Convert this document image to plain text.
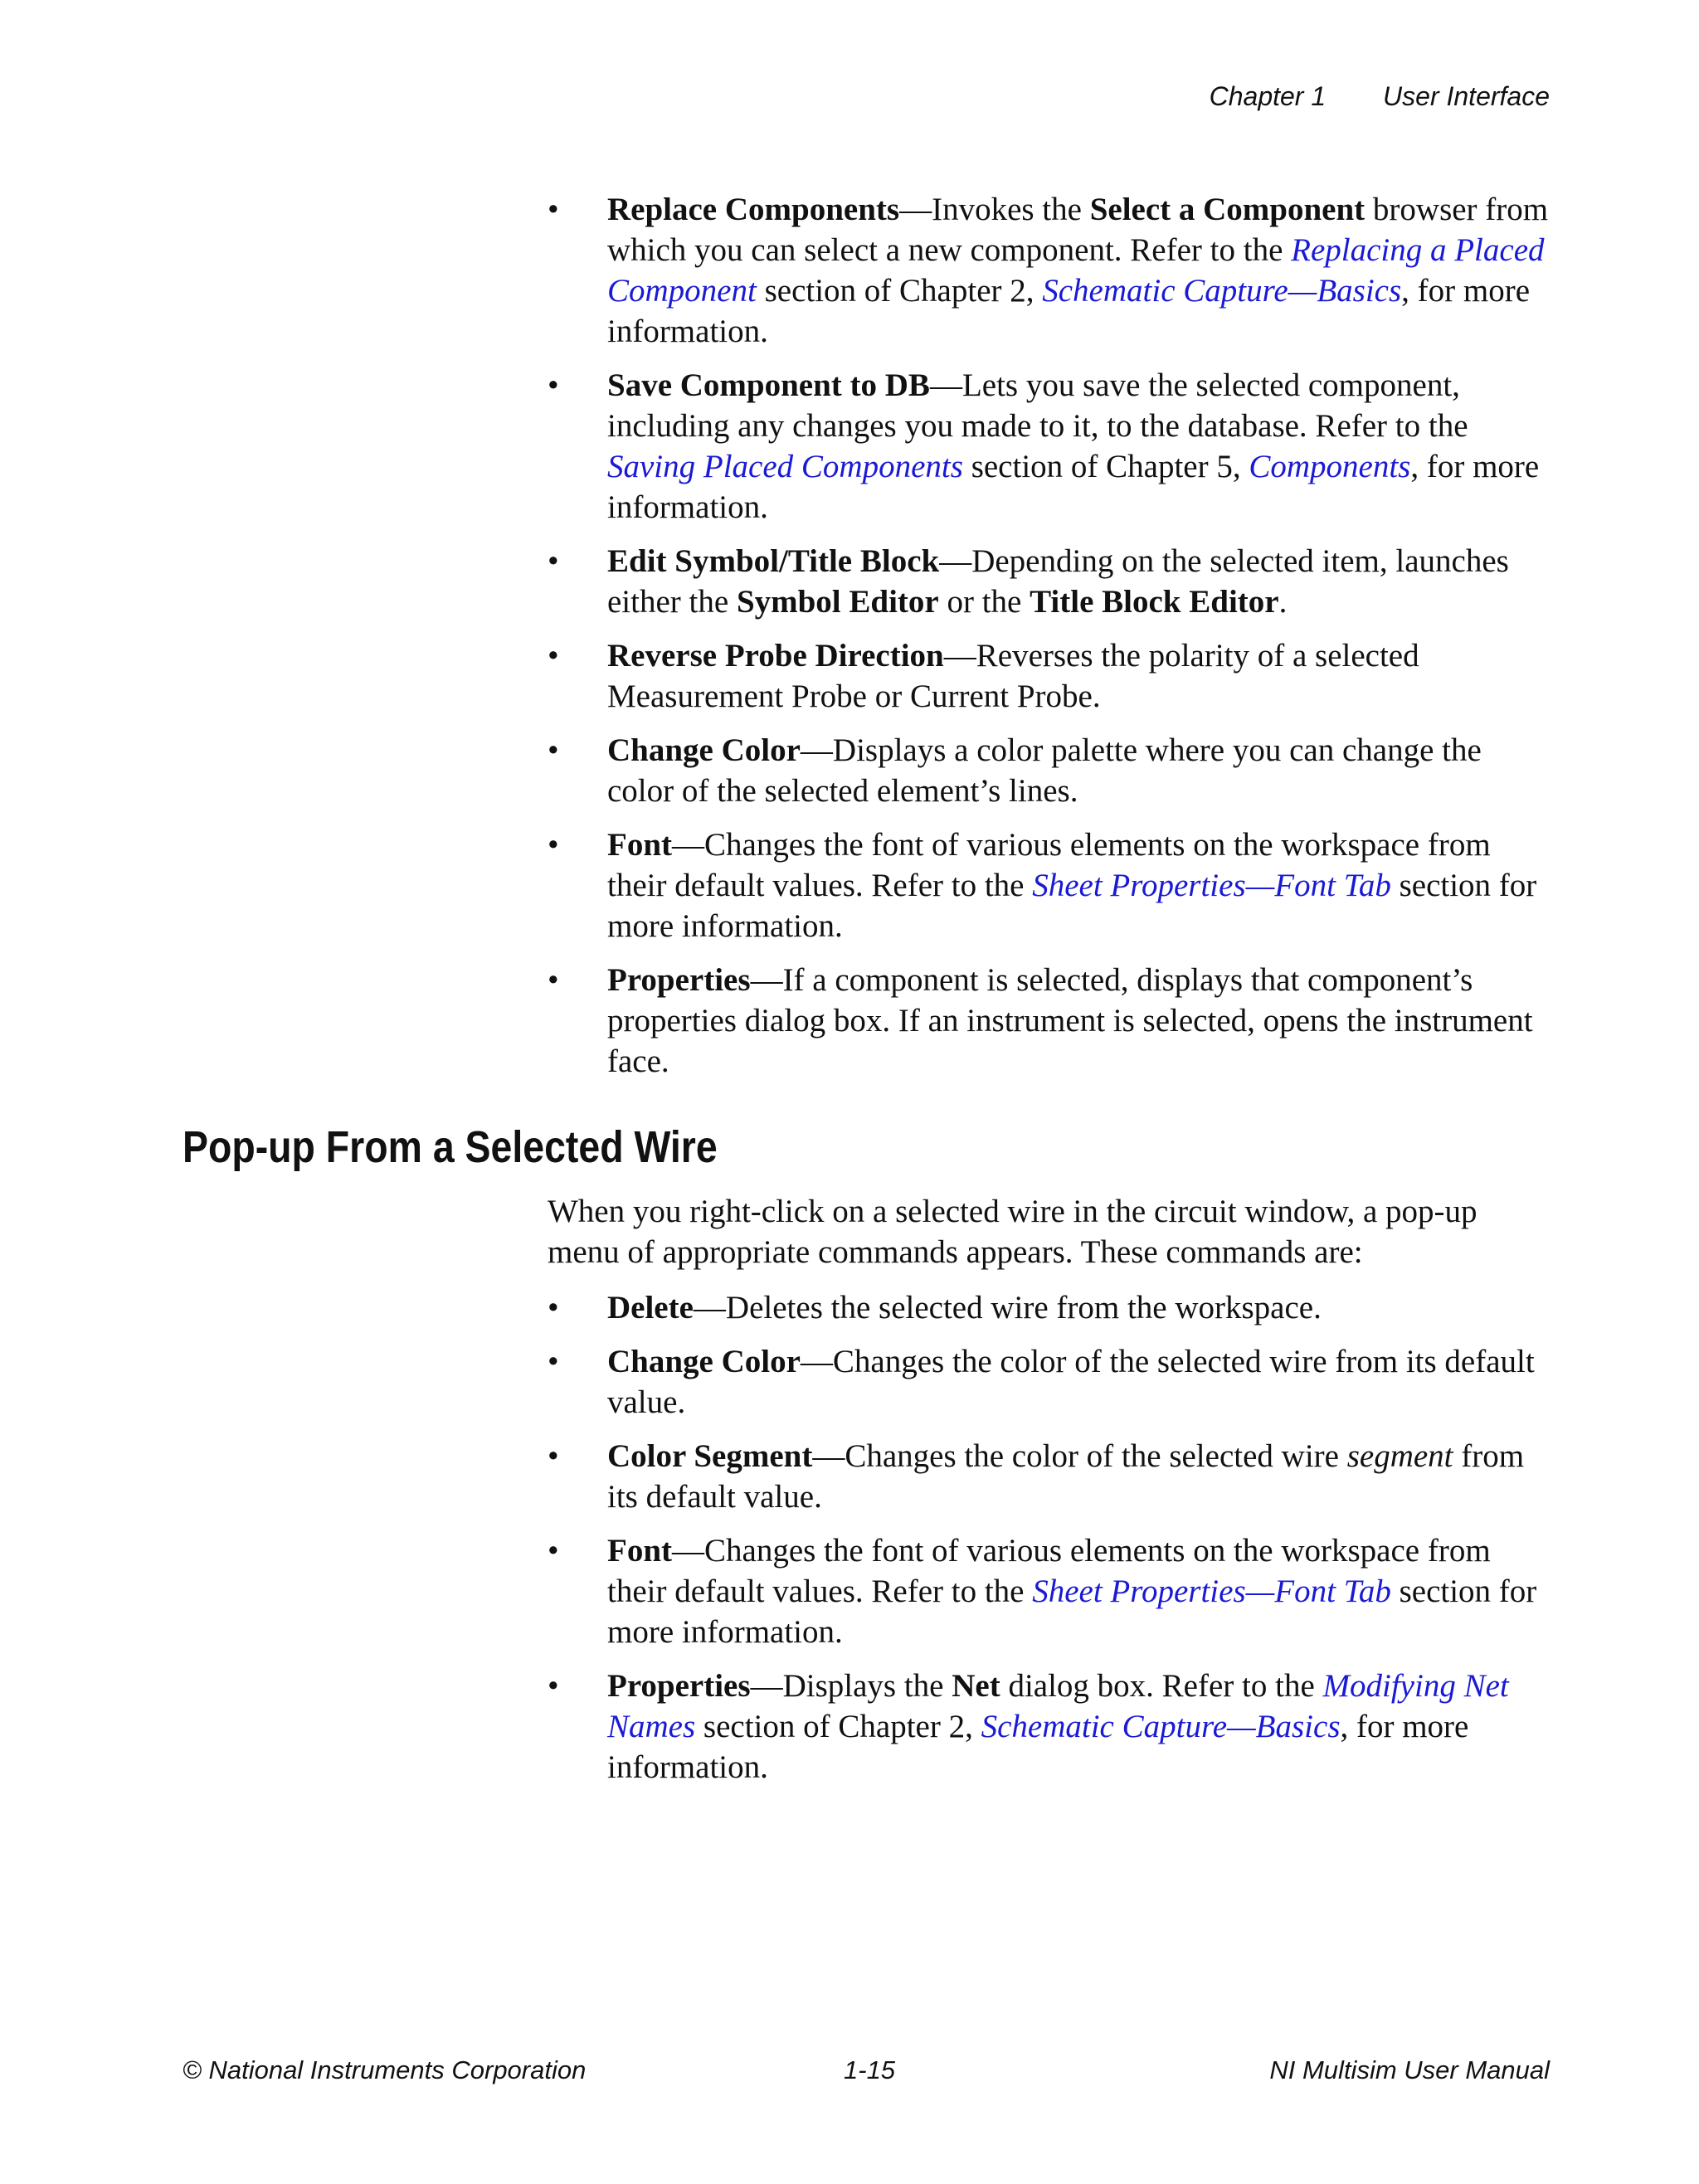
Chapter 1 User Interface
• Replace Components—Invokes the Select a Component browser from which you can select a new component. Refer to the Replacing a Placed Component section of Chapter 2, Schematic Capture—Basics, for more information.
• Save Component to DB—Lets you save the selected component, including any changes you made to it, to the database. Refer to the Saving Placed Components section of Chapter 5, Components, for more information.
• Edit Symbol/Title Block—Depending on the selected item, launches either the Symbol Editor or the Title Block Editor.
• Reverse Probe Direction—Reverses the polarity of a selected Measurement Probe or Current Probe.
• Change Color—Displays a color palette where you can change the color of the selected element’s lines.
• Font—Changes the font of various elements on the workspace from their default values. Refer to the Sheet Properties—Font Tab section for more information.
• Properties—If a component is selected, displays that component’s properties dialog box. If an instrument is selected, opens the instrument face.
Pop-up From a Selected Wire

When you right-click on a selected wire in the circuit window, a pop-up menu of appropriate commands appears. These commands are:

• Delete—Deletes the selected wire from the workspace.
• Change Color—Changes the color of the selected wire from its default value.
• Color Segment—Changes the color of the selected wire segment from its default value.
• Font—Changes the font of various elements on the workspace from their default values. Refer to the Sheet Properties—Font Tab section for more information.
• Properties—Displays the Net dialog box. Refer to the Modifying Net Names section of Chapter 2, Schematic Capture—Basics, for more information.
© National Instruments Corporation	1-15	NI Multisim User Manual
